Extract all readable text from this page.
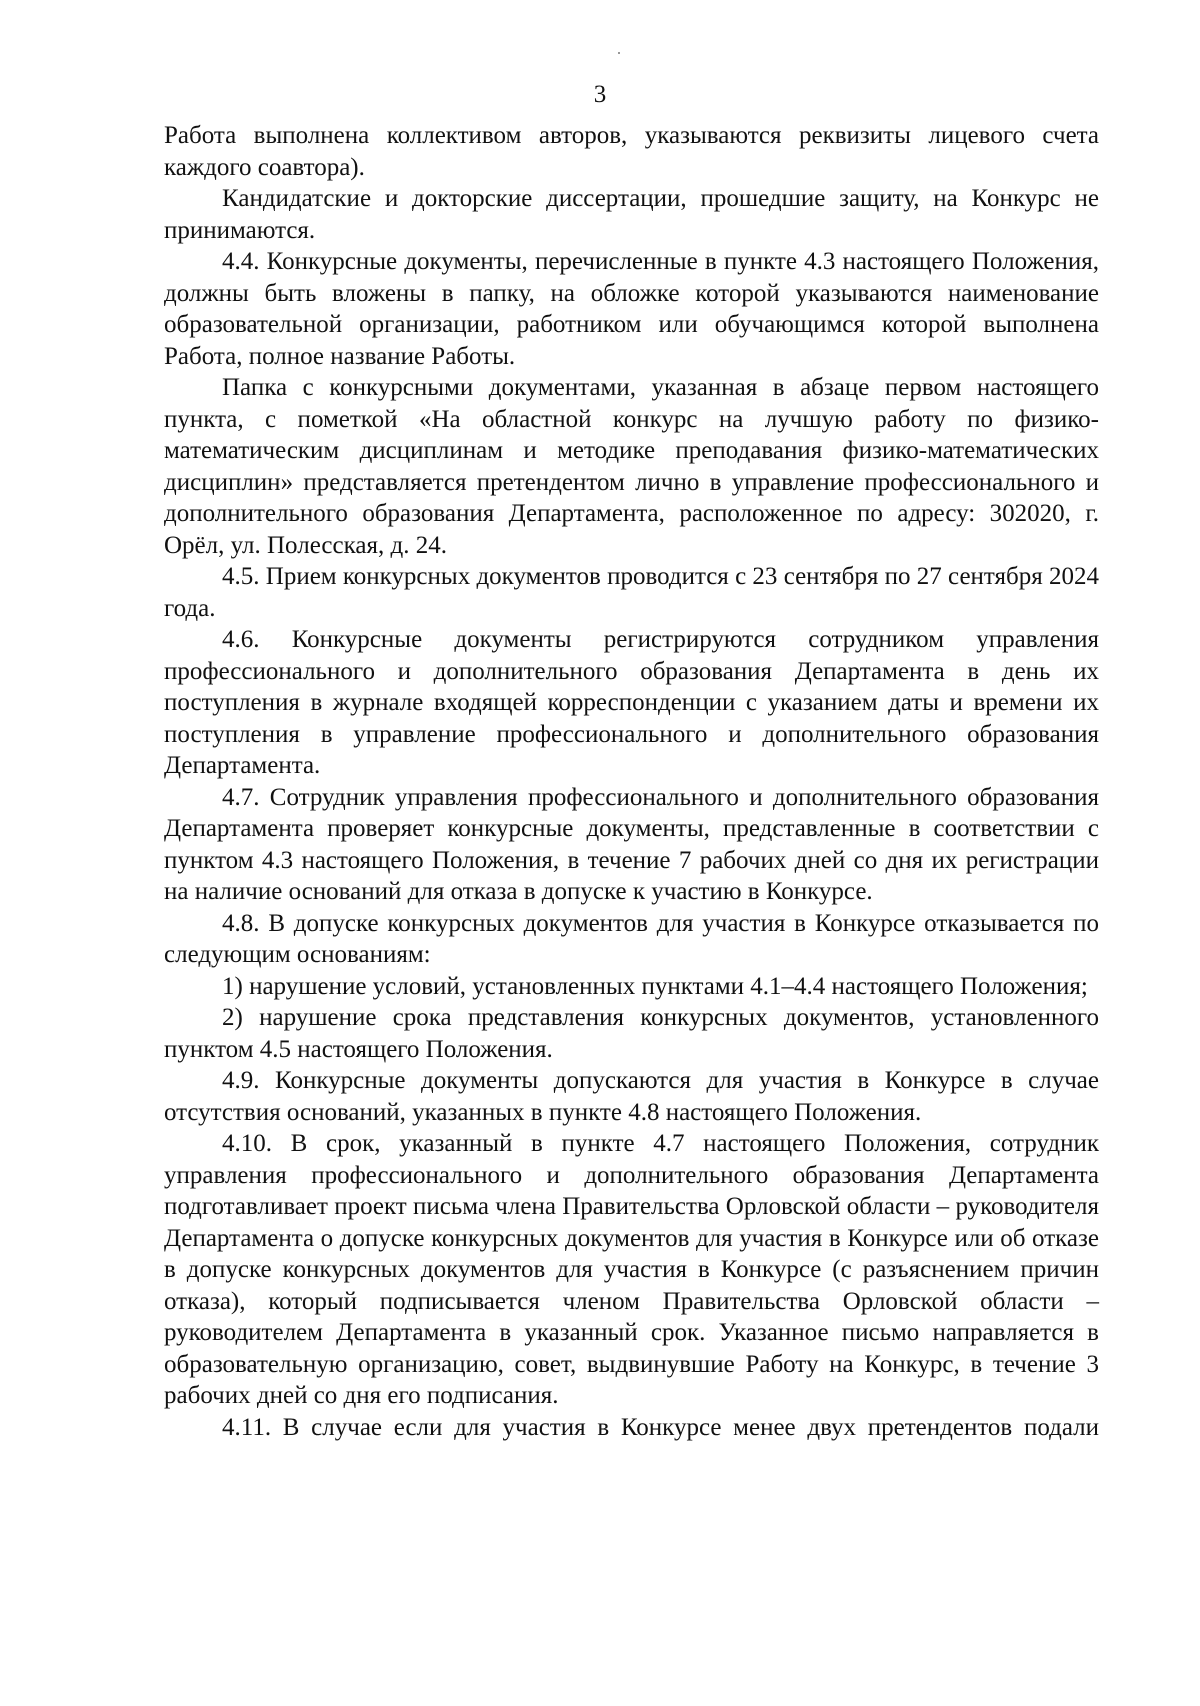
3

Работа выполнена коллективом авторов, указываются реквизиты лицевого счета каждого соавтора).

Кандидатские и докторские диссертации, прошедшие защиту, на Конкурс не принимаются.

4.4. Конкурсные документы, перечисленные в пункте 4.3 настоящего Положения, должны быть вложены в папку, на обложке которой указываются наименование образовательной организации, работником или обучающимся которой выполнена Работа, полное название Работы.

Папка с конкурсными документами, указанная в абзаце первом настоящего пункта, с пометкой «На областной конкурс на лучшую работу по физико-математическим дисциплинам и методике преподавания физико-математических дисциплин» представляется претендентом лично в управление профессионального и дополнительного образования Департамента, расположенное по адресу: 302020, г. Орёл, ул. Полесская, д. 24.

4.5. Прием конкурсных документов проводится с 23 сентября по 27 сентября 2024 года.

4.6. Конкурсные документы регистрируются сотрудником управления профессионального и дополнительного образования Департамента в день их поступления в журнале входящей корреспонденции с указанием даты и времени их поступления в управление профессионального и дополнительного образования Департамента.

4.7. Сотрудник управления профессионального и дополнительного образования Департамента проверяет конкурсные документы, представленные в соответствии с пунктом 4.3 настоящего Положения, в течение 7 рабочих дней со дня их регистрации на наличие оснований для отказа в допуске к участию в Конкурсе.

4.8. В допуске конкурсных документов для участия в Конкурсе отказывается по следующим основаниям:

1) нарушение условий, установленных пунктами 4.1–4.4 настоящего Положения;

2) нарушение срока представления конкурсных документов, установленного пунктом 4.5 настоящего Положения.

4.9. Конкурсные документы допускаются для участия в Конкурсе в случае отсутствия оснований, указанных в пункте 4.8 настоящего Положения.

4.10. В срок, указанный в пункте 4.7 настоящего Положения, сотрудник управления профессионального и дополнительного образования Департамента подготавливает проект письма члена Правительства Орловской области – руководителя Департамента о допуске конкурсных документов для участия в Конкурсе или об отказе в допуске конкурсных документов для участия в Конкурсе (с разъяснением причин отказа), который подписывается членом Правительства Орловской области – руководителем Департамента в указанный срок. Указанное письмо направляется в образовательную организацию, совет, выдвинувшие Работу на Конкурс, в течение 3 рабочих дней со дня его подписания.

4.11. В случае если для участия в Конкурсе менее двух претендентов подали
